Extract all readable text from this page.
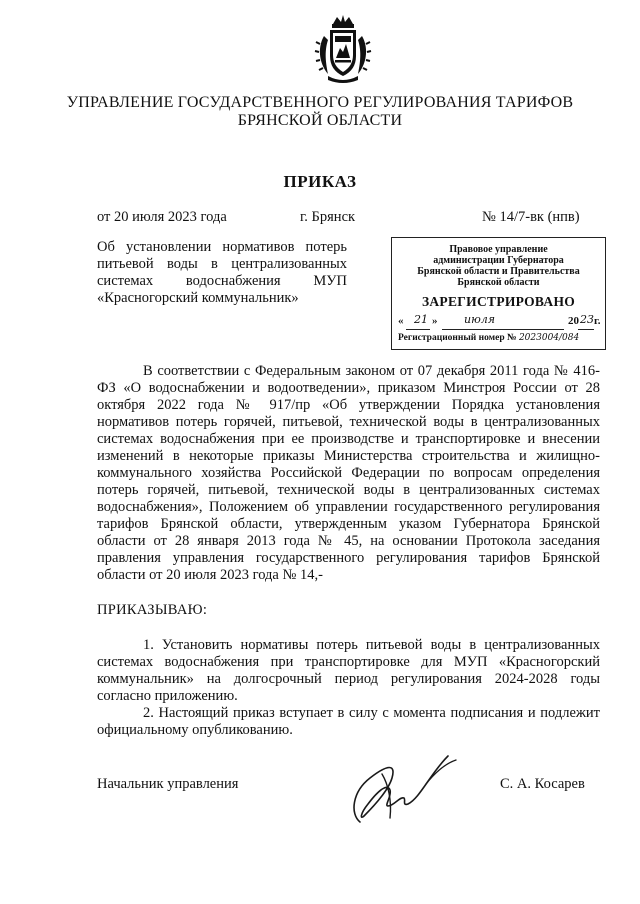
УПРАВЛЕНИЕ ГОСУДАРСТВЕННОГО РЕГУЛИРОВАНИЯ ТАРИФОВ
БРЯНСКОЙ ОБЛАСТИ
ПРИКАЗ
от 20 июля 2023 года	г. Брянск	№ 14/7-вк (нпв)
Об установлении нормативов потерь питьевой воды в централизованных системах водоснабжения МУП «Красногорский коммунальник»
Правовое управление
администрации Губернатора
Брянской области и Правительства
Брянской области
ЗАРЕГИСТРИРОВАНО
« 21 » июля	20 23 г.
Регистрационный номер № 2023004/084
В соответствии с Федеральным законом от 07 декабря 2011 года № 416-ФЗ «О водоснабжении и водоотведении», приказом Минстроя России от 28 октября 2022 года № 917/пр «Об утверждении Порядка установления нормативов потерь горячей, питьевой, технической воды в централизованных системах водоснабжения при ее производстве и транспортировке и внесении изменений в некоторые приказы Министерства строительства и жилищно-коммунального хозяйства Российской Федерации по вопросам определения потерь горячей, питьевой, технической воды в централизованных системах водоснабжения», Положением об управлении государственного регулирования тарифов Брянской области, утвержденным указом Губернатора Брянской области от 28 января 2013 года № 45, на основании Протокола заседания правления управления государственного регулирования тарифов Брянской области от 20 июля 2023 года № 14,-
ПРИКАЗЫВАЮ:
1. Установить нормативы потерь питьевой воды в централизованных системах водоснабжения при транспортировке для МУП «Красногорский коммунальник» на долгосрочный период регулирования 2024-2028 годы согласно приложению.
2. Настоящий приказ вступает в силу с момента подписания и подлежит официальному опубликованию.
Начальник управления	С. А. Косарев
